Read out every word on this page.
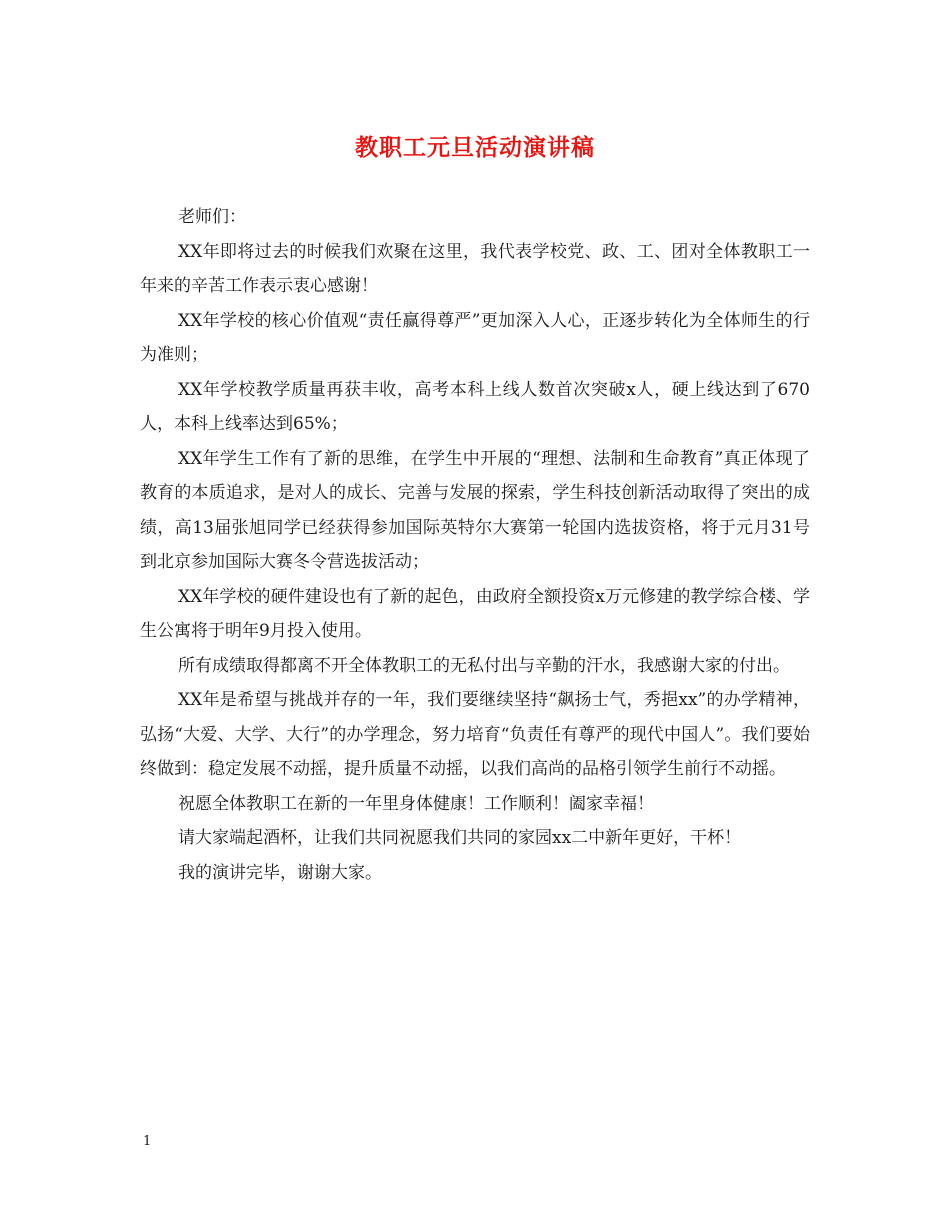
教职工元旦活动演讲稿

老师们：

XX年即将过去的时候我们欢聚在这里，我代表学校党、政、工、团对全体教职工一年来的辛苦工作表示衷心感谢！

XX年学校的核心价值观“责任赢得尊严”更加深入人心，正逐步转化为全体师生的行为准则；

XX年学校教学质量再获丰收，高考本科上线人数首次突破x人，硬上线达到了670人，本科上线率达到65%；

XX年学生工作有了新的思维，在学生中开展的“理想、法制和生命教育”真正体现了教育的本质追求，是对人的成长、完善与发展的探索，学生科技创新活动取得了突出的成绩，高13届张旭同学已经获得参加国际英特尔大赛第一轮国内选拔资格，将于元月31号到北京参加国际大赛冬令营选拔活动；

XX年学校的硬件建设也有了新的起色，由政府全额投资x万元修建的教学综合楼、学生公寓将于明年9月投入使用。

所有成绩取得都离不开全体教职工的无私付出与辛勤的汗水，我感谢大家的付出。

XX年是希望与挑战并存的一年，我们要继续坚持“飙扬士气，秀挹xx”的办学精神，弘扬“大爱、大学、大行”的办学理念，努力培育“负责任有尊严的现代中国人”。我们要始终做到：稳定发展不动摇，提升质量不动摇，以我们高尚的品格引领学生前行不动摇。

祝愿全体教职工在新的一年里身体健康！工作顺利！阖家幸福！

请大家端起酒杯，让我们共同祝愿我们共同的家园xx二中新年更好，干杯！

我的演讲完毕，谢谢大家。

1
